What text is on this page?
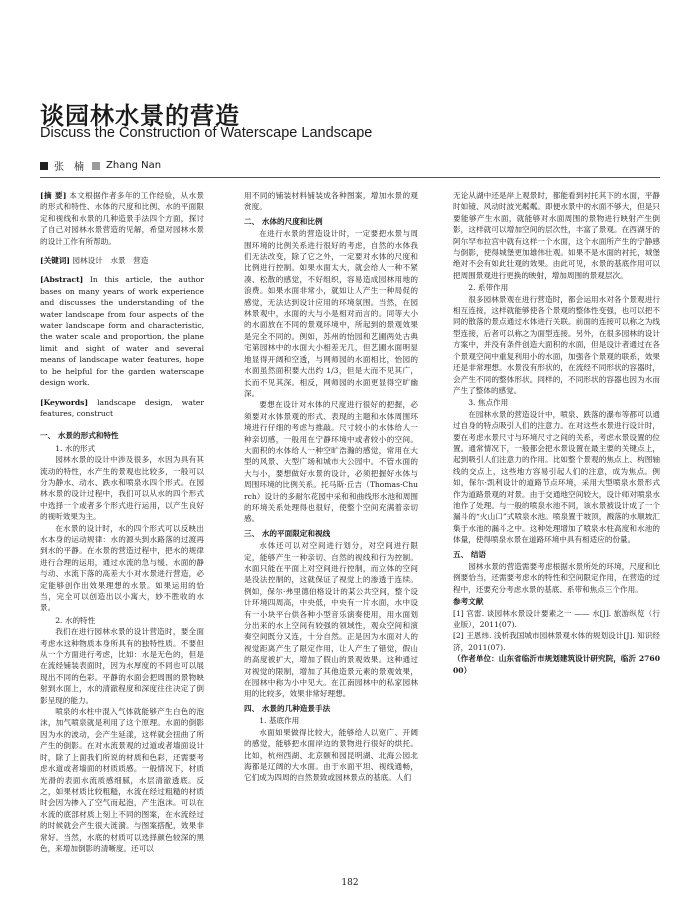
谈园林水景的营造
Discuss the Construction of Waterscape Landscape
张　楠 Zhang Nan

[摘 要] 本文根据作者多年的工作经验，从水景的形式和特性、水体的尺度和比例、水的平面限定和视线和水景的几种造景手法四个方面，探讨了自己对园林水景营造的见解，希望对园林水景的设计工作有所帮助。

[关键词] 园林设计　水景　营造

[Abstract] In this article, the author bases on many years of work experience and discusses the understanding of the water landscape from four aspects of the water landscape form and characteristic, the water scale and proportion, the plane limit and sight of water and several means of landscape water features, hope to be helpful for the garden waterscape design work.

[Keywords] landscape design, water features, construct

一、 水景的形式和特性

1. 水的形式

园林水景的设计中涉及很多，水因为具有其流动的特性，水产生的景观也比较多，一般可以分为静水、动水、跌水和喷泉水四个形式。在园林水景的设计过程中，我们可以从水的四个形式中选择一个或者多个形式进行运用，以产生良好的视听效果为主。

在水景的设计时，水的四个形式可以反映出水本身的运动规律：水的源头到水路落的过渡再到水的平静。在水景的营造过程中，把水的规律进行合理的运用，通过水流的急与缓、水面的静与动、水流下落的高差大小对水景进行营造，必定能够创作出效果理想的水景。如果运用的恰当，完全可以创造出以小寓大，妙不胜收的水景。

2. 水的特性

我们在进行园林水景的设计营造时，要全面考虑水这种物质本身所具有的独特性质。不要但从一个方面进行考虑，比如：水是无色的，但是在流经铺装表面时，因为水厚度的不同也可以展现出不同的色彩。平静的水面会把周围的景物映射到水面上，水的清澈程度和深度往往决定了倒影呈现的能力。

喷泉的水柱中混入气体就能够产生白色的泡沫，加气喷泉就是利用了这个原理。水面的倒影因为水的波动，会产生延漾，这样就会扭曲了所产生的倒影。在对水流景观的过道或者墙面设计时，除了上面我们所说的材质和色彩，还需要考虑水道或者墙面的材质质感。一般情况下，材质光滑的表面水流质感细腻，水层清澈透底。反之，如果材质比较粗糙，水流在经过粗糙的材质时会因为掺入了空气而起泡，产生泡沫。可以在水流的底部材质上刻上不同的图案，在水流经过的时候就会产生很大涟漪。与图案搭配，效果非常好。当然，水底的材质可以选择颜色较深的黑色，来增加倒影的清晰度。还可以

用不同的铺装材料铺装成各种图案，增加水景的观赏度。

二、 水体的尺度和比例

在进行水景的营造设计时，一定要把水景与周围环境的比例关系进行很好的考虑，自然的水体我们无法改变，除了它之外，一定要对水体的尺度和比例进行控制。如果水面太大，就会给人一种不紧凑、松散的感觉，不好组织，容易造成园林用地的浪费。如果水面非常小，就如让人产生一种局促的感觉，无法达到设计应用的环境氛围。当然，在园林景观中，水面的大与小是相对而言的。同等大小的水面放在不同的景观环境中，所起到的景观效果是完全不同的。例如，苏州的怡园和艺圃两处古典宅第园林中的水面大小相差无几，但艺圃水面明显地显得开阔和空透，与网师园的水面相比，怡园的水面虽然面积要大出约 1/3，但是大而不见其广，长而不见其深。相反，网师园的水面更显得空旷幽深。

要想在设计对水体的尺度进行很好的把握，必须要对水体景观的形式、表现的主题和水体周围环境进行仔细的考虑与推敲。尺寸较小的水体给人一种亲切感，一般用在宁静环境中或者较小的空间。大面积的水体给人一种空旷浩瀚的感觉，常用在大型的风景、大型广场和城市大公园中。不管水面的大与小，要想做好水景的设计，必须把握好水体与周围环境的比例关系。托马斯·丘吉（Thomas·Church）设计的多耐尔花园中采和和曲线形水池和周围的环境关系处理得也很好，使整个空间充满着亲切感。

三、 水的平面限定和视线

水体还可以对空间进行划分，对空间进行限定，能够产生一种亲切、自然的视线和行为控制。水面只能在平面上对空间进行控制，而立体的空间是没法控制的，这就保证了视觉上的渗透于连续。例如，保尔·弗里德伯格设计的某公共空间，整个设计环境四周高，中央低，中央有一片水面，水中设有一小块平台供各种小型音乐演奏使用，用水面划分出来的水上空间有较强的领域性，观众空间和演奏空间既分又连，十分自然。正是因为水面对人的视觉距离产生了限定作用，让人产生了错觉，假山的高度被扩大，增加了假山的景观效果。这种通过对视觉的限制，增加了其他造景元素的景观效果，在园林中称为小中见大。在江南园林中的私家园林用的比较多，效果非常好理想。

四、 水景的几种造景手法

1. 基底作用

水面如果做得比较大，能够给人以宽广、开阔的感觉，能够把水面岸边的景物进行很好的烘托。比如，杭州西湖、北京颐和园昆明湖、北海公园北海都是辽阔的大水面。由于水面平坦、视线通畅，它们成为四周的自然景致或园林景点的基底。人们

无论从湖中还是岸上观景时，都能看到衬托其下的水面，平静时如镜、风动时波光粼粼。即便水景中的水面不够大，但是只要能够产生水面，就能够对水面周围的景物进行映射产生倒影，这样就可以增加空间的层次性，丰富了景观。在西湖牙的阿尔罕布拉宫中就有这样一个水面，这个水面所产生的宁静感与倒影，使得城堡更加雄伟壮观。如果不是水面的衬托，城堡绝对不会有如此壮观的效果。由此可见，水景的基底作用可以把周围景观进行更换的映射，增加周围的景观层次。

2. 系带作用

很多园林景观在进行营造时，都会运用水对各个景观进行相互连接，这样就能够使各个景观的整体性变强，也可以把不同的散落的景点通过水体进行关联。前面的连接可以称之为线型连接，后者可以称之为面型连接。另外，在很多园林的设计方案中，并没有条件创造大面积的水面，但是设计者通过在各个景观空间中重复利用小的水面，加强各个景观的联系，效果还是非常理想。水景没有形状的，在流经不同形状的容器时，会产生不同的整体形状。同样的，不同形状的容器也因为水而产生了整体的感觉。

3. 焦点作用

在园林水景的营造设计中，喷泉、跌落的瀑布等都可以通过自身的特点吸引人们的注意力。在对这些水景进行设计时，要在考虑水景尺寸与环境尺寸之间的关系，考虑水景设置的位置。通常情况下，一般都会把水景设置在最主要的关键点上，起到吸引人们注意力的作用。比如整个景观的焦点上、构图轴线的交点上，这些地方容易引起人们的注意，成为焦点。例如，保尔·凯利设计的道路节点环境，采用大型喷泉水景形式作为道路景观的对景。由于交通地空间较大，设计师对喷泉水池作了处理。与一般的喷泉水池不同，该水景被设计成了一个漏斗的“火山口”式喷泉水池。喷泉置于坡顶，溅落的水顺坡汇集于水池的漏斗之中。这种处理增加了喷泉水柱高度和水池的体量，使得喷泉水景在道路环境中具有相适应的份量。

五、 结语

园林水景的营造需要考虑根据水景所处的环境，尺度和比例要恰当，还需要考虑水的特性和空间限定作用，在营造的过程中，还要充分考虑水景的基底、系带和焦点三个作用。

参考文献

[1] 官雷. 谈园林水景设计要素之一 —— 水[J]. 旅游纵览（行业版），2011(07).

[2] 王恩炜. 浅析我国城市园林景观水体的规划设计[J]. 知识经济，2011(07).

（作者单位：山东省临沂市规划建筑设计研究院，临沂 276000）

182
